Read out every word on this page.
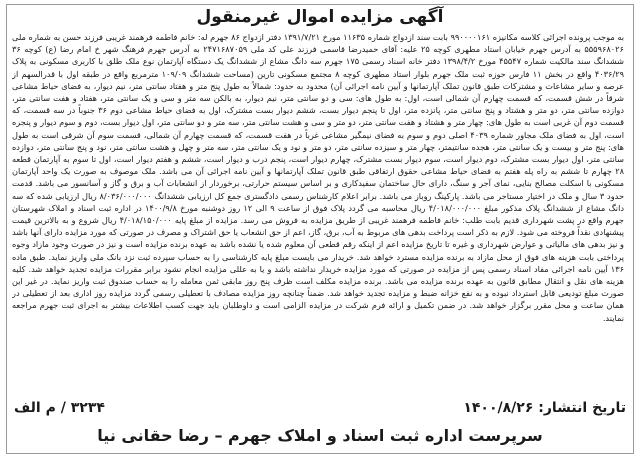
آگهی مزایده اموال غیرمنقول
به موجب پرونده اجرائی کلاسه مکانیزه ۹۹۰۰۰۰۱۶۱ بابت سند ازدواج شماره ۱۱۶۳۵ مورخ ۱۳۹۱/۷/۲۱ دفتر ازدواج ۸۶ جهرم له: خانم فاطمه فرهمند غریبی فرزند حسن به شماره ملی ۵۵۵۹۶۸۰۲۶ به آدرس جهرم خیابان استاد مطهری کوچه ۲۵ علیه: آقای حمیدرضا قاسمی فرزند علی کد ملی ۲۴۷۱۶۸۷۰۵۹ به آدرس جهرم فرهنگ شهر خ امام رضا (ع) کوچه ۳۶ ششدانگ سند مالکیت شماره ۴۵۵۴۷ مورخ ۱۳۹۸/۴/۲ دفتر خانه اسناد رسمی ۱۷۵ جهرم سه دانگ مشاع از ششدانگ یک دستگاه آپارتمان نوع ملک طلق با کاربری مسکونی به پلاک ۴۰۳۶/۲۹ واقع در بخش ۱۱ فارس حوزه ثبت ملک جهرم بلوار استاد مطهری کوچه ۸ مجتمع مسکونی تارین (مساحت ششدانگ ۱۰۹/۰۹ مترمربع واقع در طبقه اول با قدرالسهم از عرصه و سایر مشاعات و مشترکات طبق قانون تملک آپارتمانها و آیین نامه اجرائی آن) محدود به حدود: شمالاً به طول پنج متر و هفتاد سانتی متر، نیم دیوار، به فضای حیاط مشاعی شرقاً در شش قسمت، که قسمت چهارم آن شمالی است، اول: به طول های: سی و دو سانتی متر، نیم دیوار، به بالکن سه متر و سی و یک سانتی متر، هفتاد و هفت سانتی متر، دوازده سانتی متر، دو متر و هشتاد و پنج سانتی متر، پانزده متر، اول تا پنجم دیوار بست، ششم دیوار بست مشترک، اول به فضای حیاط مشاعی دوم ۳۶ جنوباً در سه قسمت، که قسمت دوم آن غربی است به طول های: چهار متر و هشتاد و هفت سانتی متر، دو متر و سی و هشت سانتی متر، سه متر و دو سانتی متر، اول دیوار بست، دوم و سوم دیوار و پنجره است، اول به فضای ملک مجاور شماره ۴۰۳۹ اصلی دوم و سوم به فضای نیمگیر مشاعی غرباً در هفت قسمت، که قسمت چهارم آن شمالی، قسمت سوم آن شرقی است به طول های: پنج متر و بیست و یک سانتی متر، هجده سانتیمتر، چهار متر و سیزده سانتی متر، دو متر و نود و یک سانتی متر، سه متر و چهل و هشت سانتی متر، نود و پنج سانتی متر، دوازده سانتی متر، اول دیوار بست مشترک، دوم دیوار است، سوم دیوار بست مشترک، چهارم دیوار است، پنجم درب و دیوار است، ششم و هفتم دیوار است، اول تا سوم به آپارتمان قطعه ۲۸ چهارم تا ششم به راه پله هفتم به فضای حیاط مشاعی حقوق ارتفاقی طبق قانون تملک آپارتمانها و آیین نامه اجرائی آن می باشد. ملک موصوف به صورت یک واحد آپارتمان مسکونی با اسکلت مصالح بنایی، نمای آجر و سنگ، دارای حال ساختمان سفیدکاری و بر اساس سیستم حرارتی، برخوردار از انشعابات آب و برق و گاز و آسانسور می باشد. قدمت حدود ۳ سال و ملک در اختیار مستاجر می باشد. پارکینگ روباز می باشد. برابر اعلام کارشناس رسمی دادگستری جمع کل ارزیابی ششدانگ ۸/۰۳۶/۰۰۰/۰۰۰ ریال ارزیابی شده که سه دانگ مشاع از ششدانگ پلاک مذکور مبلغ ۴/۰۱۸/۰۰۰/۰۰۰ ریال محاسبه می گردد پلاک فوق از ساعت ۹ الی ۱۲ روز دوشنبه مورخ ۱۴۰۰/۹/۸ در اداره ثبت اسناد و املاک شهرستان جهرم واقع در پشت شهرداری قدیم بابت طلب: خانم فاطمه فرهمند غریبی از طریق مزایده به فروش می رسد. مزایده از مبلغ پایه ۴/۰۱۸/۱۵۰/۰۰۰ ریال شروع و به بالاترین قیمت پیشنهادی نقداً فروخته می شود. لازم به ذکر است پرداخت بدهی های مربوط به آب، برق، گاز، اعم از حق انشعاب یا حق اشتراک و مصرف در صورتی که مورد مزایده دارای آنها باشد و نیز بدهی های مالیاتی و عوارض شهرداری و غیره تا تاریخ مزایده اعم از اینکه رقم قطعی آن معلوم شده یا نشده باشد به عهده برنده مزایده است و نیز در صورت وجود مازاد وجوه پرداختی بابت هزینه های فوق از محل مازاد به برنده مزایده مسترد خواهد شد. خریدار می بایست مبلغ پایه کارشناسی را به حساب سپرده ثبت نزد بانک ملی واریز نماید. طبق ماده ۱۳۶ آیین نامه اجرائی مفاد اسناد رسمی پس از مزایده در صورتی که مورد مزایده خریدار نداشته باشد و یا به عللی مزایده انجام نشود برابر مقررات مزایده تجدید خواهد شد. کلیه هزینه های نقل و انتقال مطابق قانون به عهده برنده مزایده می باشد. برنده مزایده مکلف است ظرف پنج روز مابقی ثمن معامله را به حساب صندوق ثبت واریز نماید. در غیر این صورت مبلغ تودیعی قابل استرداد نبوده و به نفع خزانه ضبط و مزایده تجدید خواهد شد. ضمناً چنانچه روز مزایده مصادف با تعطیلی رسمی گردد مزایده روز اداری بعد از تعطیلی در همان ساعت و محل مقرر برگزار خواهد شد. در ضمن تکمیل و ارائه فرم شرکت در مزایده الزامی است و داوطلبان باید جهت کسب اطلاعات بیشتر به اجرای ثبت جهرم مراجعه نمایند.
تاریخ انتشار: ۱۴۰۰/۸/۲۶
۳۲۳۴ / م الف
سرپرست اداره ثبت اسناد و املاک جهرم – رضا حقانی نیا
